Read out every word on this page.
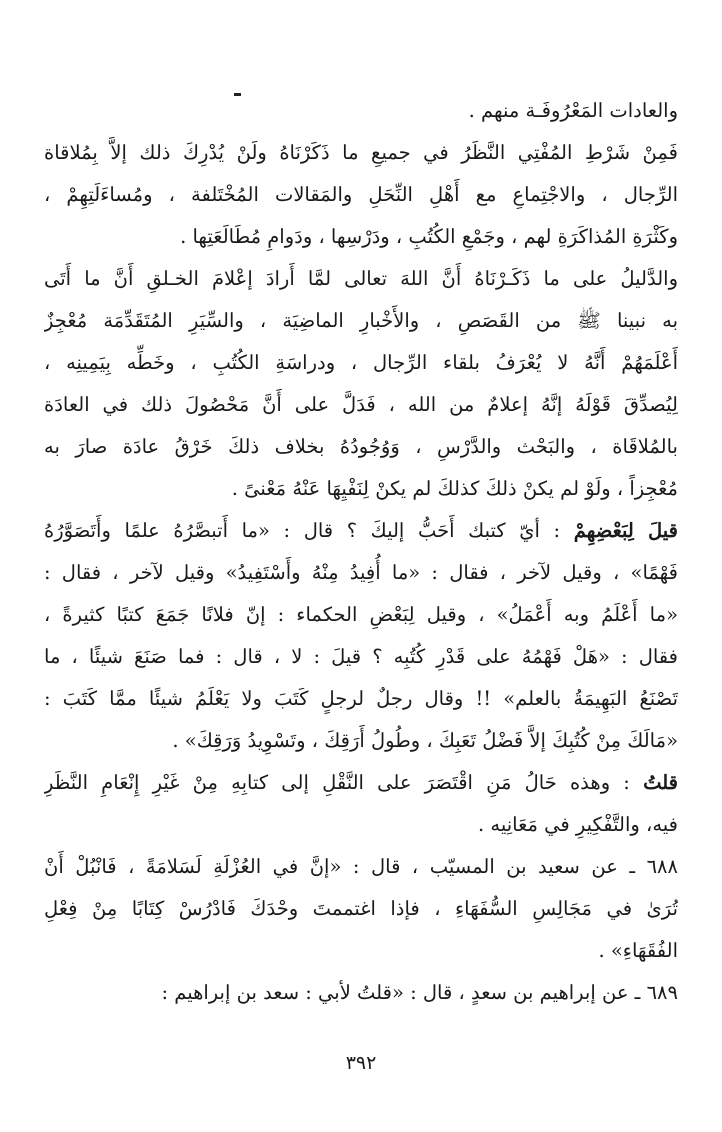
والعادات المَعْرُوفَـة منهم .
فَمِنْ شَرْطِ المُفْتِي النَّظَرُ في جميعِ ما ذَكَرْنَاهُ ولَنْ يُدْرِكَ ذلك إلاَّ بِمُلاقاة
الرِّجال ، والاجْتِماعِ مع أَهْلِ النِّحَلِ والمَقالات المُخْتَلفة ، ومُساءَلَتِهِمْ ،
وكَثْرَةِ المُذاكَرَةِ لهم ، وجَمْعِ الكُتُبِ ، ودَرْسِها ، ودَوامِ مُطَالَعَتِها .
والدَّليلُ على ما ذَكَـرْنَاهُ أَنَّ اللهَ تعالى لمَّا أَرادَ إعْلامَ الخـلقِ أَنَّ ما أَتَى
به نبينا ﷺ من القَصَصِ ، والأَخْبارِ الماضِيَة ، والسِّيَرِ المُتَقَدِّمَة مُعْجِزٌ
أَعْلَمَهُمْ أَنَّهُ لا يُعْرَفُ بلقاء الرِّجال ، ودراسَةِ الكُتُبِ ، وخَطِّه بِيَمِينِه ،
لِيُصدِّقَ قَوْلَهُ إنَّهُ إعلامٌ من الله ، فَدَلَّ على أَنَّ مَحْصُولَ ذلك في العادَة
بالمُلاقَاة ، والبَحْث والدَّرْسِ ، وَوُجُودُهُ بخلاف ذلكَ خَرْقُ عادَة صارَ به
مُعْجِزاً ، ولَوْ لم يكنْ ذلكَ كذلكَ لم يكنْ لِنَفْيِهَا عَنْهُ مَعْنىً .
قيلَ لِبَعْضِهِمْ : أيّ كتبك أَحَبُّ إليكَ ؟ قال : «ما أَتبصَّرُهُ علمًا وأَتَصَوَّرُهُ
فَهْمًا» ، وقيل لآخر ، فقال : «ما أُفِيدُ مِنْهُ وأَسْتَفِيدُ» وقيل لآخر ، فقال :
«ما أَعْلَمُ وبه أَعْمَلُ» ، وقيل لِبَعْضِ الحكماء : إنّ فلانًا جَمَعَ كتبًا كثيرةً ،
فقال : «هَلْ فَهْمُهُ على قَدْرِ كُتُبِه ؟ قيلَ : لا ، قال : فما صَنَعَ شيئًا ، ما
تَصْنَعُ البَهِيمَةُ بالعلم» !! وقال رجلٌ لرجلٍ كَتَبَ ولا يَعْلَمُ شيئًا ممَّا كَتَبَ :
«مَالَكَ مِنْ كُتُبِكَ إلاَّ فَضْلُ تَعَبِكَ ، وطُولُ أَرَقِكَ ، وتَسْوِيدُ وَرَقِكَ» .
قلتُ : وهذه حَالُ مَنِ اقْتَصَرَ على النَّقْلِ إلى كتابِهِ مِنْ غَيْرِ إِنْعَامِ النَّظَرِ
فيه، والتَّفْكِيرِ في مَعَانِيه .
٦٨٨ ـ عن سعيد بن المسيّب ، قال : «إنَّ في العُزْلَةِ لَسَلامَةً ، فَانْبُلْ أَنْ
تُرَىٰ في مَجَالِسِ السُّفَهَاءِ ، فإذا اغتممتَ وحْدَكَ فَادْرُسْ كِتَابًا مِنْ فِعْلِ
الفُقَهَاءِ» .
٦٨٩ ـ عن إبراهيم بن سعدٍ ، قال : «قلتُ لأبي : سعد بن إبراهيم :
٣٩٢
